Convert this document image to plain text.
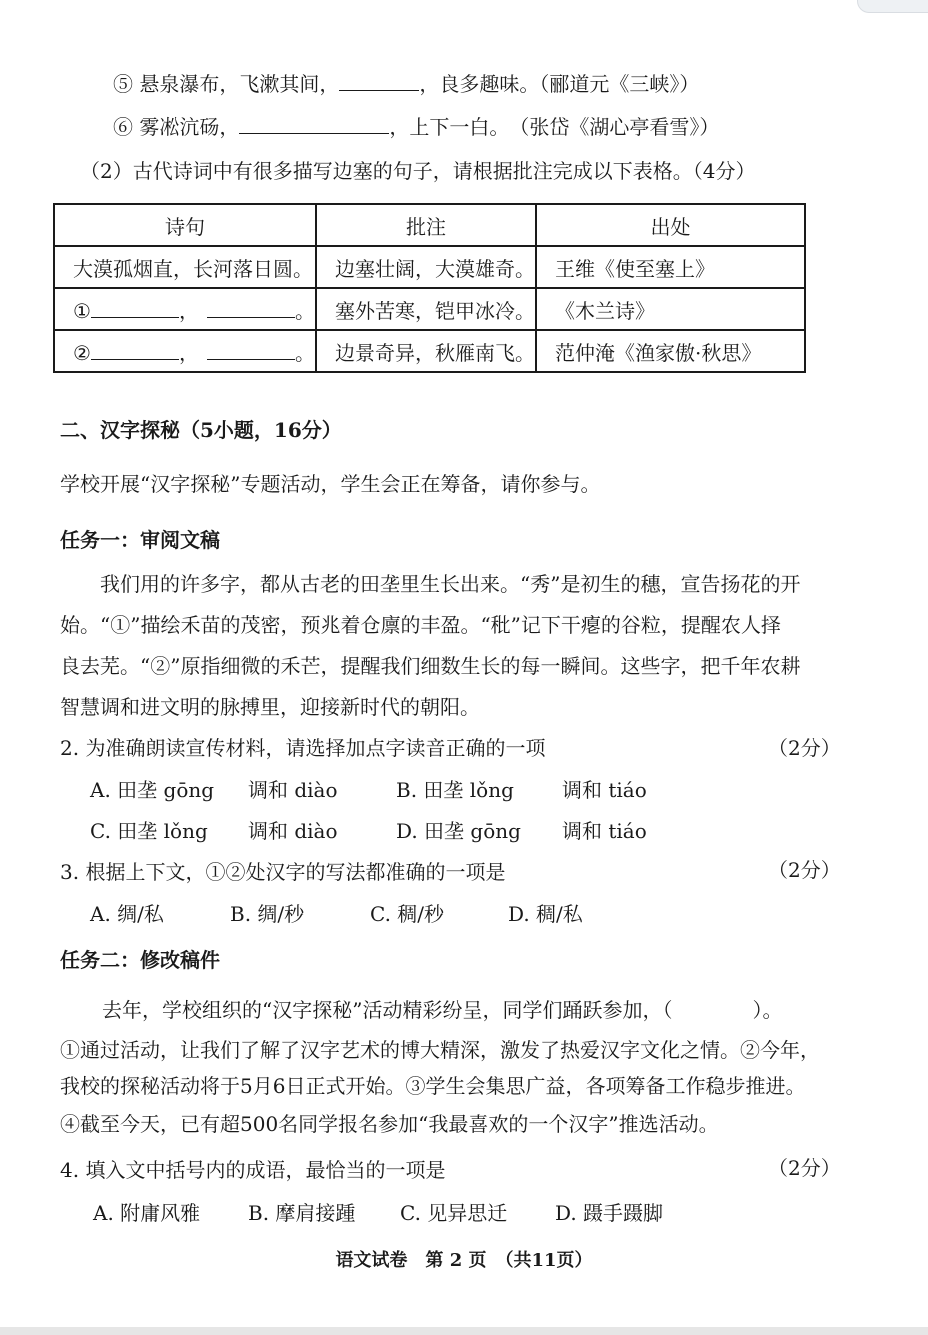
⑤ 悬泉瀑布，飞漱其间，	，良多趣味。（郦道元《三峡》）
⑥ 雾凇沆砀，	，上下一白。　（张岱《湖心亭看雪》）
（2）古代诗词中有很多描写边塞的句子，请根据批注完成以下表格。（4分）
诗句	批注	出处
大漠孤烟直，长河落日圆。	边塞壮阔，大漠雄奇。	王维《使至塞上》
① ， 。	塞外苦寒，铠甲冰冷。	《木兰诗》
② ， 。	边景奇异，秋雁南飞。	范仲淹《渔家傲·秋思》
二、汉字探秘（5小题，16分）
学校开展“汉字探秘”专题活动，学生会正在筹备，请你参与。
任务一：审阅文稿
我们用的许多字，都从古老的田垄里生长出来。“秀”是初生的穗，宣告扬花的开
始。“①”描绘禾苗的茂密，预兆着仓廪的丰盈。“秕”记下干瘪的谷粒，提醒农人择
良去芜。“②”原指细微的禾芒，提醒我们细数生长的每一瞬间。这些字，把千年农耕
智慧调和进文明的脉搏里，迎接新时代的朝阳。
2. 为准确朗读宣传材料，请选择加点字读音正确的一项	（2分）
A. 田垄 gōng 调和 diào	B. 田垄 lǒng 调和 tiáo
C. 田垄 lǒng 调和 diào	D. 田垄 gōng 调和 tiáo
3. 根据上下文，①②处汉字的写法都准确的一项是	（2分）
A. 绸/私	B. 绸/秒	C. 稠/秒	D. 稠/私
任务二：修改稿件
去年，学校组织的“汉字探秘”活动精彩纷呈，同学们踊跃参加，（　　　　）。
①通过活动，让我们了解了汉字艺术的博大精深，激发了热爱汉字文化之情。②今年，
我校的探秘活动将于5月6日正式开始。③学生会集思广益，各项筹备工作稳步推进。
④截至今天，已有超500名同学报名参加“我最喜欢的一个汉字”推选活动。
4. 填入文中括号内的成语，最恰当的一项是	（2分）
A. 附庸风雅 B. 摩肩接踵 C. 见异思迁 D. 蹑手蹑脚
语文试卷　第 2 页　（共11页）
